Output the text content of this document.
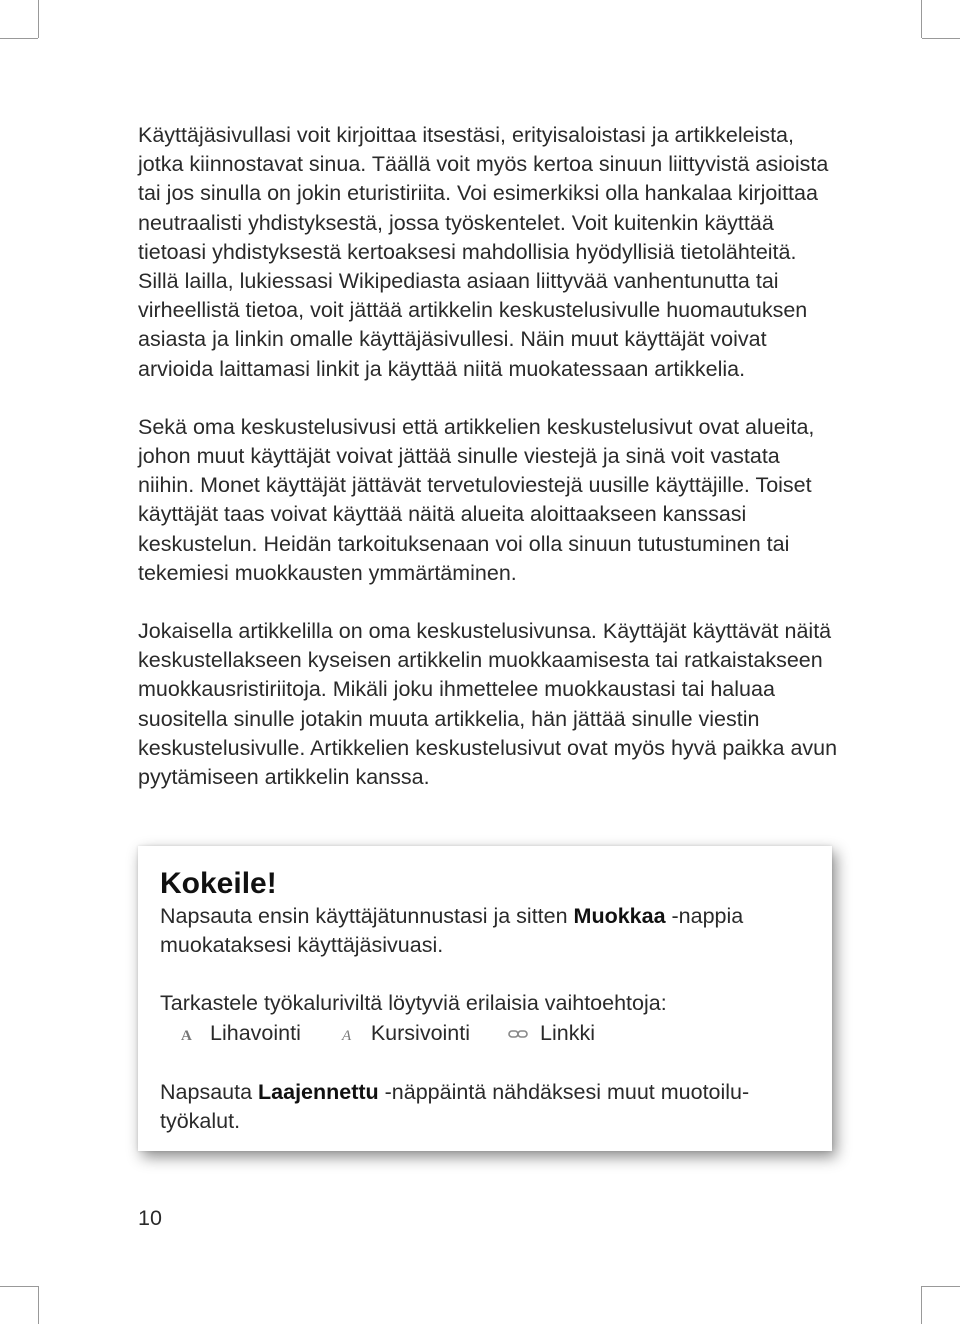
Käyttäjäsivullasi voit kirjoittaa itsestäsi, erityisaloistasi ja artikkeleista, jotka kiinnostavat sinua. Täällä voit myös kertoa sinuun liittyvistä asioista tai jos sinulla on jokin eturistiriita. Voi esimerkiksi olla hankalaa kirjoittaa neutraalisti yhdistyksestä, jossa työskentelet. Voit kuitenkin käyttää tietoasi yhdistyksestä kertoaksesi mahdollisia hyödyllisiä tietolähteitä. Sillä lailla, lukiessasi Wikipediasta asiaan liittyvää vanhentunutta tai virheellistä tietoa, voit jättää artikkelin keskustelusivulle huomautuksen asiasta ja linkin omalle käyttäjäsivullesi. Näin muut käyttäjät voivat arvioida laittamasi linkit ja käyttää niitä muokatessaan artikkelia.

Sekä oma keskustelusivusi että artikkelien keskustelusivut ovat alueita, johon muut käyttäjät voivat jättää sinulle viestejä ja sinä voit vastata niihin. Monet käyttäjät jättävät tervetuloviestejä uusille käyttäjille. Toiset käyttäjät taas voivat käyttää näitä alueita aloittaakseen kanssasi keskustelun. Heidän tarkoituksenaan voi olla sinuun tutustuminen tai tekemiesi muokkausten ymmärtäminen.

Jokaisella artikkelilla on oma keskustelusivunsa. Käyttäjät käyttävät näitä keskustellakseen kyseisen artikkelin muokkaamisesta tai ratkaistakseen muokkausristiriitoja. Mikäli joku ihmettelee muokkaustasi tai haluaa suositella sinulle jotakin muuta artikkelia, hän jättää sinulle viestin keskustelusivulle. Artikkelien keskustelusivut ovat myös hyvä paikka avun pyytämiseen artikkelin kanssa.

Kokeile!

Napsauta ensin käyttäjätunnustasi ja sitten Muokkaa -nappia muokataksesi käyttäjäsivuasi.

Tarkastele työkaluriviltä löytyviä erilaisia vaihtoehtoja:

A Lihavointi	A Kursivointi	Linkki

Napsauta Laajennettu -näppäintä nähdäksesi muut muotoilutyökalut.

10
